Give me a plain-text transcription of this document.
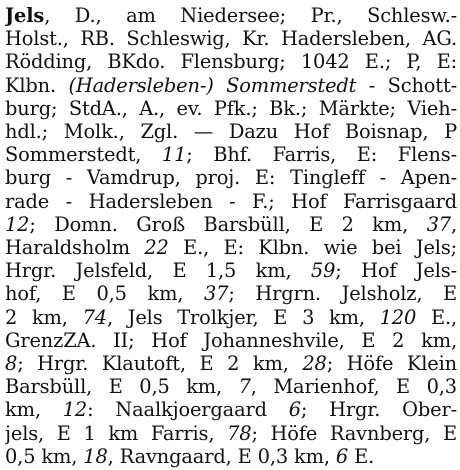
Jels, D., am Niedersee; Pr., Schlesw.-
Holst., RB. Schleswig, Kr. Hadersleben, AG.
Rödding, BKdo. Flensburg; 1042 E.; P, E:
Klbn. (Hadersleben-) Sommerstedt - Schott-
burg; StdA., A., ev. Pfk.; Bk.; Märkte; Vieh-
hdl.; Molk., Zgl. — Dazu Hof Boisnap, P
Sommerstedt, 11; Bhf. Farris, E: Flens-
burg - Vamdrup, proj. E: Tingleff - Apen-
rade - Hadersleben - F.; Hof Farrisgaard
12; Domn. Groß Barsbüll, E 2 km, 37,
Haraldsholm 22 E., E: Klbn. wie bei Jels;
Hrgr. Jelsfeld, E 1,5 km, 59; Hof Jels-
hof, E 0,5 km, 37; Hrgrn. Jelsholz, E
2 km, 74, Jels Trolkjer, E 3 km, 120 E.,
GrenzZA. II; Hof Johanneshvile, E 2 km,
8; Hrgr. Klautoft, E 2 km, 28; Höfe Klein
Barsbüll, E 0,5 km, 7, Marienhof, E 0,3
km, 12: Naalkjoergaard 6; Hrgr. Ober-
jels, E 1 km Farris, 78; Höfe Ravnberg, E
0,5 km, 18, Ravngaard, E 0,3 km, 6 E.
